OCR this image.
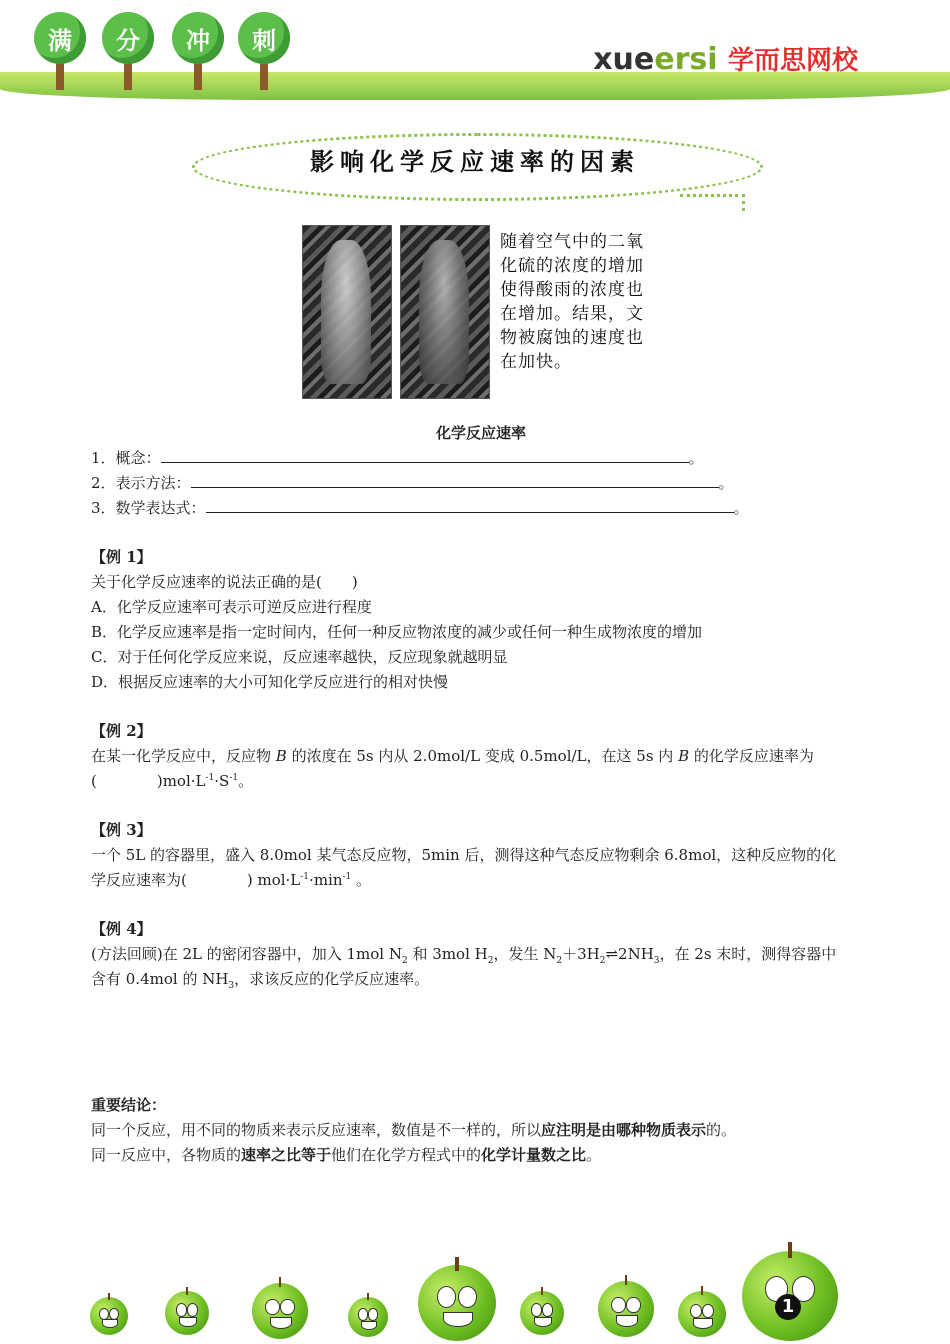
满	分	冲	刺
xueersi 学而思网校
影响化学反应速率的因素
随着空气中的二氧化硫的浓度的增加使得酸雨的浓度也在增加。结果，文物被腐蚀的速度也在加快。
化学反应速率
1．概念：	。
2．表示方法：	。
3．数学表达式：	。
【例 1】
关于化学反应速率的说法正确的是(　　)
A．化学反应速率可表示可逆反应进行程度
B．化学反应速率是指一定时间内，任何一种反应物浓度的减少或任何一种生成物浓度的增加
C．对于任何化学反应来说，反应速率越快，反应现象就越明显
D．根据反应速率的大小可知化学反应进行的相对快慢
【例 2】
在某一化学反应中，反应物 B 的浓度在 5s 内从 2.0mol/L 变成 0.5mol/L，在这 5s 内 B 的化学反应速率为
(　　　　)$mol\cdot L^{-1}\cdot S^{-1}$。
【例 3】
一个 5L 的容器里，盛入 8.0mol 某气态反应物，5min 后，测得这种气态反应物剩余 6.8mol，这种反应物的化
学反应速率为(　　　　) $mol\cdot L^{-1}\cdot\min^{-1}$ 。
【例 4】
(方法回顾)在 2L 的密闭容器中，加入 1mol $N_2$ 和 3mol $H_2$，发生 $N_2+3H_2\rightleftharpoons 2NH_3$，在 2s 末时，测得容器中
含有 0.4mol 的 $NH_3$，求该反应的化学反应速率。
重要结论：
同一个反应，用不同的物质来表示反应速率，数值是不一样的，所以应注明是由哪种物质表示的。
同一反应中，各物质的速率之比等于他们在化学方程式中的化学计量数之比。
1
